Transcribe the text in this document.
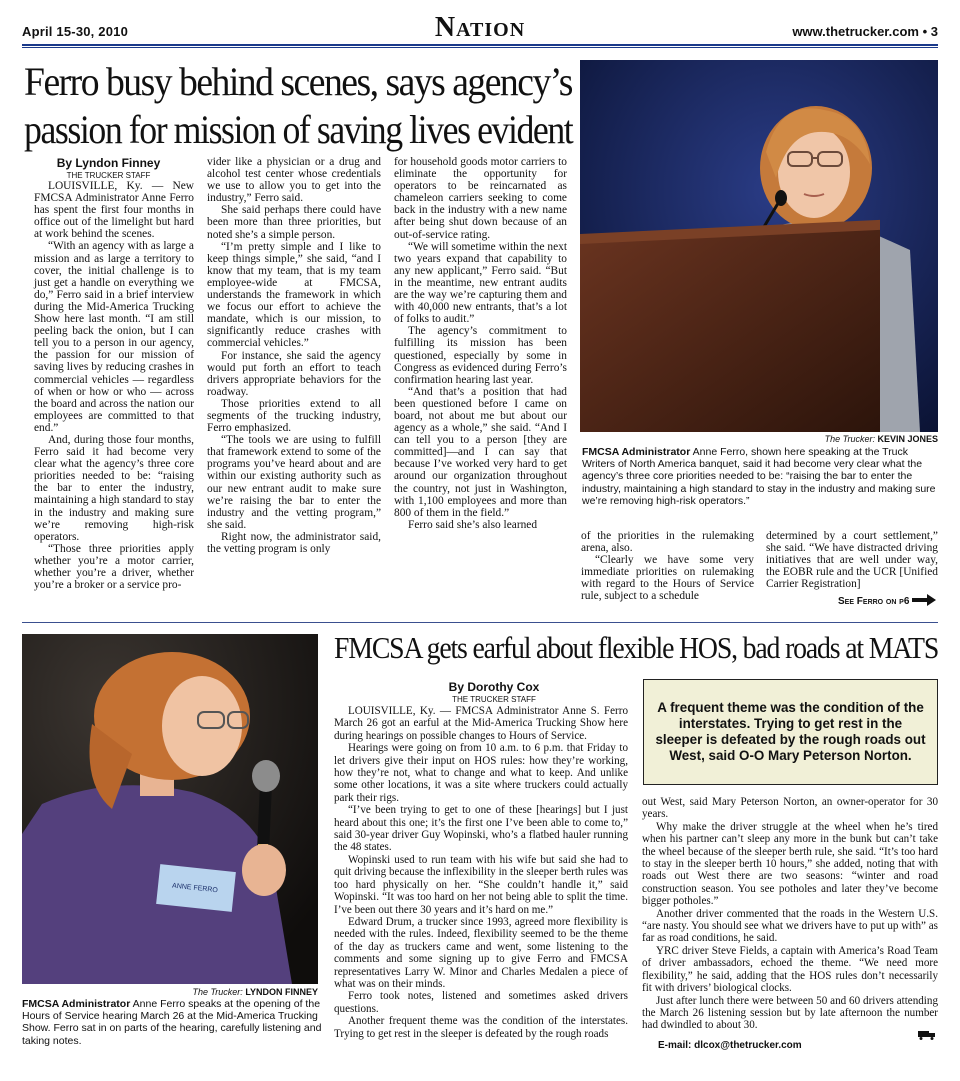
April 15-30, 2010	Nation	www.thetrucker.com • 3
Ferro busy behind scenes, says agency’s
passion for mission of saving lives evident
By Lyndon Finney
THE TRUCKER STAFF

LOUISVILLE, Ky. — New FMCSA Administrator Anne Ferro has spent the first four months in office out of the limelight but hard at work behind the scenes.

“With an agency with as large a mission and as large a territory to cover, the initial challenge is to just get a handle on everything we do,” Ferro said in a brief interview during the Mid-America Trucking Show here last month. “I am still peeling back the onion, but I can tell you to a person in our agency, the passion for our mission of saving lives by reducing crashes in commercial vehicles — regardless of when or how or who — across the board and across the nation our employees are committed to that end.”

And, during those four months, Ferro said it had become very clear what the agency’s three core priorities needed to be: “raising the bar to enter the industry, maintaining a high standard to stay in the industry and making sure we’re removing high-risk operators.

“Those three priorities apply whether you’re a motor carrier, whether you’re a driver, whether you’re a broker or a service pro-

vider like a physician or a drug and alcohol test center whose credentials we use to allow you to get into the industry,” Ferro said.

She said perhaps there could have been more than three priorities, but noted she’s a simple person.

“I’m pretty simple and I like to keep things simple,” she said, “and I know that my team, that is my team employee-wide at FMCSA, understands the framework in which we focus our effort to achieve the mandate, which is our mission, to significantly reduce crashes with commercial vehicles.”

For instance, she said the agency would put forth an effort to teach drivers appropriate behaviors for the roadway.

Those priorities extend to all segments of the trucking industry, Ferro emphasized.

“The tools we are using to fulfill that framework extend to some of the programs you’ve heard about and are within our existing authority such as our new entrant audit to make sure we’re raising the bar to enter the industry and the vetting program,” she said.

Right now, the administrator said, the vetting program is only

for household goods motor carriers to eliminate the opportunity for operators to be reincarnated as chameleon carriers seeking to come back in the industry with a new name after being shut down because of an out-of-service rating.

“We will sometime within the next two years expand that capability to any new applicant,” Ferro said. “But in the meantime, new entrant audits are the way we’re capturing them and with 40,000 new entrants, that’s a lot of folks to audit.”

The agency’s commitment to fulfilling its mission has been questioned, especially by some in Congress as evidenced during Ferro’s confirmation hearing last year.

“And that’s a position that had been questioned before I came on board, not about me but about our agency as a whole,” she said. “And I can tell you to a person [they are committed]—and I can say that because I’ve worked very hard to get around our organization throughout the country, not just in Washington, with 1,100 employees and more than 800 of them in the field.”

Ferro said she’s also learned

of the priorities in the rulemaking arena, also.

“Clearly we have some very immediate priorities on rulemaking with regard to the Hours of Service rule, subject to a schedule

determined by a court settlement,” she said. “We have distracted driving initiatives that are well under way, the EOBR rule and the UCR [Unified Carrier Registration]

See Ferro on p6
The Trucker: KEVIN JONES
FMCSA Administrator Anne Ferro, shown here speaking at the Truck Writers of North America banquet, said it had become very clear what the agency’s three core priorities needed to be: “raising the bar to enter the industry, maintaining a high standard to stay in the industry and making sure we’re removing high-risk operators.”
ANNE FERRO
The Trucker: LYNDON FINNEY
FMCSA Administrator Anne Ferro speaks at the opening of the Hours of Service hearing March 26 at the Mid-America Trucking Show. Ferro sat in on parts of the hearing, carefully listening and taking notes.
FMCSA gets earful about flexible HOS, bad roads at MATS
By Dorothy Cox
THE TRUCKER STAFF

LOUISVILLE, Ky. — FMCSA Administrator Anne S. Ferro March 26 got an earful at the Mid-America Trucking Show here during hearings on possible changes to Hours of Service.

Hearings were going on from 10 a.m. to 6 p.m. that Friday to let drivers give their input on HOS rules: how they’re working, how they’re not, what to change and what to keep. And unlike some other locations, it was a site where truckers could actually park their rigs.

“I’ve been trying to get to one of these [hearings] but I just heard about this one; it’s the first one I’ve been able to come to,” said 30-year driver Guy Wopinski, who’s a flatbed hauler running the 48 states.

Wopinski used to run team with his wife but said she had to quit driving because the inflexibility in the sleeper berth rules was too hard physically on her. “She couldn’t handle it,” said Wopinski. “It was too hard on her not being able to split the time. I’ve been out there 30 years and it’s hard on me.”

Edward Drum, a trucker since 1993, agreed more flexibility is needed with the rules. Indeed, flexibility seemed to be the theme of the day as truckers came and went, some listening to the comments and some signing up to give Ferro and FMCSA representatives Larry W. Minor and Charles Medalen a piece of what was on their minds.

Ferro took notes, listened and sometimes asked drivers questions.

Another frequent theme was the condition of the interstates. Trying to get rest in the sleeper is defeated by the rough roads

A frequent theme was the condition of the interstates. Trying to get rest in the sleeper is defeated by the rough roads out West, said O-O Mary Peterson Norton.

out West, said Mary Peterson Norton, an owner-operator for 30 years.

Why make the driver struggle at the wheel when he’s tired when his partner can’t sleep any more in the bunk but can’t take the wheel because of the sleeper berth rule, she said. “It’s too hard to stay in the sleeper berth 10 hours,” she added, noting that with roads out West there are two seasons: “winter and road construction season. You see potholes and later they’ve become bigger potholes.”

Another driver commented that the roads in the Western U.S. “are nasty. You should see what we drivers have to put up with” as far as road conditions, he said.

YRC driver Steve Fields, a captain with America’s Road Team of driver ambassadors, echoed the theme. “We need more flexibility,” he said, adding that the HOS rules don’t necessarily fit with drivers’ biological clocks.

Just after lunch there were between 50 and 60 drivers attending the March 26 listening session but by late afternoon the number had dwindled to about 30.

E-mail: dlcox@thetrucker.com
